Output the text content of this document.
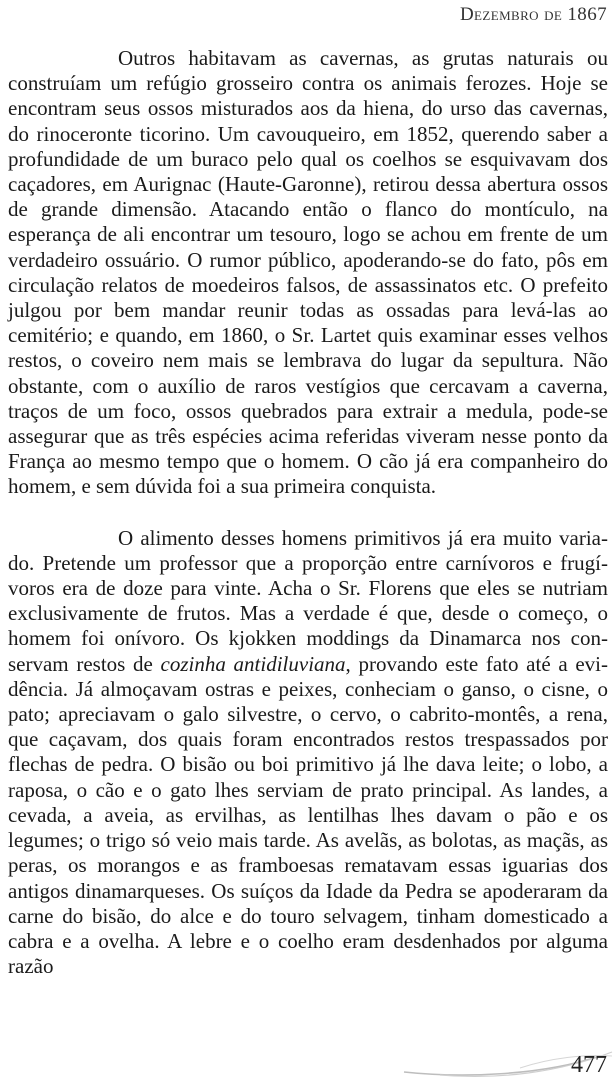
Dezembro de 1867

Outros habitavam as cavernas, as grutas naturais ou construíam um refúgio grosseiro contra os animais ferozes. Hoje se encontram seus ossos misturados aos da hiena, do urso das cavernas, do rinoceronte ticorino. Um cavouqueiro, em 1852, querendo saber a profundidade de um buraco pelo qual os coelhos se esquivavam dos caçadores, em Aurignac (Haute-Garonne), retirou dessa abertura ossos de grande dimensão. Atacando então o flanco do montículo, na esperança de ali encontrar um tesouro, logo se achou em frente de um verdadeiro ossuário. O rumor público, apoderando-se do fato, pôs em circulação relatos de moedeiros falsos, de assassinatos etc. O prefeito julgou por bem mandar reunir todas as ossadas para levá-las ao cemitério; e quando, em 1860, o Sr. Lartet quis examinar esses velhos restos, o coveiro nem mais se lembrava do lugar da sepultura. Não obstante, com o auxílio de raros vestígios que cercavam a caverna, traços de um foco, ossos quebrados para extrair a medula, pode-se assegurar que as três espécies acima referidas viveram nesse ponto da França ao mesmo tempo que o homem. O cão já era companheiro do homem, e sem dúvida foi a sua primeira conquista.

O alimento desses homens primitivos já era muito variado. Pretende um professor que a proporção entre carnívoros e frugívoros era de doze para vinte. Acha o Sr. Florens que eles se nutriam exclusivamente de frutos. Mas a verdade é que, desde o começo, o homem foi onívoro. Os kjokken moddings da Dinamarca nos conservam restos de cozinha antidiluviana, provando este fato até a evidência. Já almoçavam ostras e peixes, conheciam o ganso, o cisne, o pato; apreciavam o galo silvestre, o cervo, o cabrito-montês, a rena, que caçavam, dos quais foram encontrados restos trespassados por flechas de pedra. O bisão ou boi primitivo já lhe dava leite; o lobo, a raposa, o cão e o gato lhes serviam de prato principal. As landes, a cevada, a aveia, as ervilhas, as lentilhas lhes davam o pão e os legumes; o trigo só veio mais tarde. As avelãs, as bolotas, as maçãs, as peras, os morangos e as framboesas rematavam essas iguarias dos antigos dinamarqueses. Os suíços da Idade da Pedra se apoderaram da carne do bisão, do alce e do touro selvagem, tinham domesticado a cabra e a ovelha. A lebre e o coelho eram desdenhados por alguma razão

477
